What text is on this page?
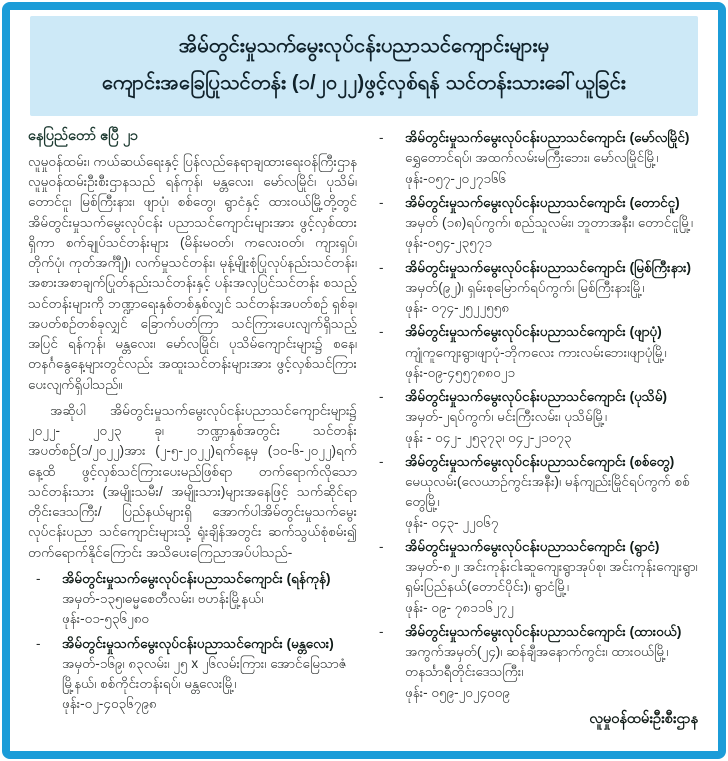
အိမ်တွင်းမှုသက်မွေးလုပ်ငန်းပညာသင်ကျောင်းများမှ
ကျောင်းအခြေပြုသင်တန်း (၁/၂၀၂၂)ဖွင့်လှစ်ရန် သင်တန်းသားခေါ်ယူခြင်း
နေပြည်တော် ဧပြီ ၂၁

လူမှုဝန်ထမ်း၊ ကယ်ဆယ်ရေးနှင့် ပြန်လည်နေရာချထားရေးဝန်ကြီးဌာန လူမှုဝန်ထမ်းဦးစီးဌာနသည် ရန်ကုန်၊ မန္တလေး၊ မော်လမြိုင်၊ ပုသိမ်၊ တောင်ငူ၊ မြစ်ကြီးနား၊ ဖျာပုံ၊ စစ်တွေ၊ ရွာငံနှင့် ထားဝယ်မြို့တို့တွင် အိမ်တွင်းမှုသက်မွေးလုပ်ငန်း ပညာသင်ကျောင်းများအား ဖွင့်လှစ်ထားရှိကာ စက်ချုပ်သင်တန်းများ (မိန်းမဝတ်၊ ကလေးဝတ်၊ ကျားရှပ်၊ တိုက်ပုံ၊ ကုတ်အင်္ကျီ)၊ လက်မှုသင်တန်း၊ မုန့်မျိုးစုံပြုလုပ်နည်းသင်တန်း၊ အစားအစာချက်ပြုတ်နည်းသင်တန်းနှင့် ပန်းအလှပြင်သင်တန်း စသည့်သင်တန်းများကို ဘဏ္ဍာရေးနှစ်တစ်နှစ်လျှင် သင်တန်းအပတ်စဉ် ရှစ်ခု၊ အပတ်စဉ်တစ်ခုလျှင် ခြောက်ပတ်ကြာ သင်ကြားပေးလျက်ရှိသည့်အပြင် ရန်ကုန်၊ မန္တလေး၊ မော်လမြိုင်၊ ပုသိမ်ကျောင်းများ၌ စနေ၊ တနင်္ဂနွေနေ့များတွင်လည်း အထူးသင်တန်းများအား ဖွင့်လှစ်သင်ကြားပေးလျက်ရှိပါသည်။

အဆိုပါ အိမ်တွင်းမှုသက်မွေးလုပ်ငန်းပညာသင်ကျောင်းများ၌ ၂၀၂၂- ၂၀၂၃ ခု၊ ဘဏ္ဍာနှစ်အတွင်း သင်တန်းအပတ်စဉ်(၁/၂၀၂၂)အား (၂-၅-၂၀၂၂)ရက်နေ့မှ (၁၀-၆-၂၀၂၂)ရက်နေ့ထိ ဖွင့်လှစ်သင်ကြားပေးမည်ဖြစ်ရာ တက်ရောက်လိုသော သင်တန်းသား (အမျိုးသမီး/ အမျိုးသား)များအနေဖြင့် သက်ဆိုင်ရာတိုင်းဒေသကြီး/ ပြည်နယ်များရှိ အောက်ပါအိမ်တွင်းမှုသက်မွေးလုပ်ငန်းပညာ သင်ကျောင်းများသို့ ရုံးချိန်အတွင်း ဆက်သွယ်စုံစမ်း၍ တက်ရောက်နိုင်ကြောင်း အသိပေးကြေညာအပ်ပါသည်-

-	အိမ်တွင်းမှုသက်မွေးလုပ်ငန်းပညာသင်ကျောင်း (ရန်ကုန်)
အမှတ်-၁၃၅၊ဓမ္မစေတီလမ်း၊ ဗဟန်းမြို့နယ်၊
ဖုန်း-၀၁-၅၃၆၂၈၀
-	အိမ်တွင်းမှုသက်မွေးလုပ်ငန်းပညာသင်ကျောင်း (မန္တလေး)
အမှတ်-၁၆၉၊ ၈၃လမ်း၊ ၂၅ x ၂၆လမ်းကြား၊ အောင်မြေသာဇံမြို့နယ်၊ စစ်ကိုင်းတန်းရပ်၊ မန္တလေးမြို့၊
ဖုန်း-၀၂-၄၀၃၆၇၉၈
-	အိမ်တွင်းမှုသက်မွေးလုပ်ငန်းပညာသင်ကျောင်း (မော်လမြိုင်)
ရွှေတောင်ရပ်၊ အထက်လမ်းမကြီးဘေး၊ မော်လမြိုင်မြို့၊
ဖုန်း-၀၅၇-၂၀၂၇၁၆၆
-	အိမ်တွင်းမှုသက်မွေးလုပ်ငန်းပညာသင်ကျောင်း (တောင်ငူ)
အမှတ် (၁၈)ရပ်ကွက်၊ စည်သူလမ်း၊ ဘူတာအနီး၊ တောင်ငူမြို့၊
ဖုန်း-၀၅၄-၂၃၅၇၁
-	အိမ်တွင်းမှုသက်မွေးလုပ်ငန်းပညာသင်ကျောင်း (မြစ်ကြီးနား)
အမှတ်(၉၂)၊ ရှမ်းစုမြောက်ရပ်ကွက်၊ မြစ်ကြီးနားမြို့၊
ဖုန်း- ၀၇၄-၂၅၂၂၅၅၈
-	အိမ်တွင်းမှုသက်မွေးလုပ်ငန်းပညာသင်ကျောင်း (ဖျာပုံ)
ကျုံကူကျေးရွာ၊ဖျာပုံ-ဘိုကလေး ကားလမ်းဘေး၊ဖျာပုံမြို့၊
ဖုန်း-၀၉-၄၅၅၇၈၈၀၂၁
-	အိမ်တွင်းမှုသက်မွေးလုပ်ငန်းပညာသင်ကျောင်း (ပုသိမ်)
အမှတ်-၂ရပ်ကွက်၊ မင်းကြီးလမ်း၊ ပုသိမ်မြို့၊
ဖုန်း - ၀၄၂- ၂၅၃၇၃၊ ၀၄၂-၂၁၀၇၃
-	အိမ်တွင်းမှုသက်မွေးလုပ်ငန်းပညာသင်ကျောင်း (စစ်တွေ)
မေယုလမ်း(လေယာဉ်ကွင်းအနီး)၊ မန်ကျည်းမြိုင်ရပ်ကွက် စစ်တွေမြို့၊
ဖုန်း- ၀၄၃- ၂၂၀၆၇
-	အိမ်တွင်းမှုသက်မွေးလုပ်ငန်းပညာသင်ကျောင်း (ရွာငံ)
အမှတ်-၈၂၊ အင်းကုန်းငါးဆူကျေးရွာအုပ်စု၊ အင်းကုန်းကျေးရွာ၊ ရှမ်းပြည်နယ်(တောင်ပိုင်း)၊ ရွာငံမြို့၊
ဖုန်း- ၀၉- ၇၈၁၁၆၂၇၂
-	အိမ်တွင်းမှုသက်မွေးလုပ်ငန်းပညာသင်ကျောင်း (ထားဝယ်)
အကွက်အမှတ်(၂၄)၊ ဆန်ချီအနောက်ကွင်း၊ ထားဝယ်မြို့၊ တနင်္သာရီတိုင်းဒေသကြီး၊
ဖုန်း- ၀၅၉-၂၀၂၄၀၀၉
လူမှုဝန်ထမ်းဦးစီးဌာန
